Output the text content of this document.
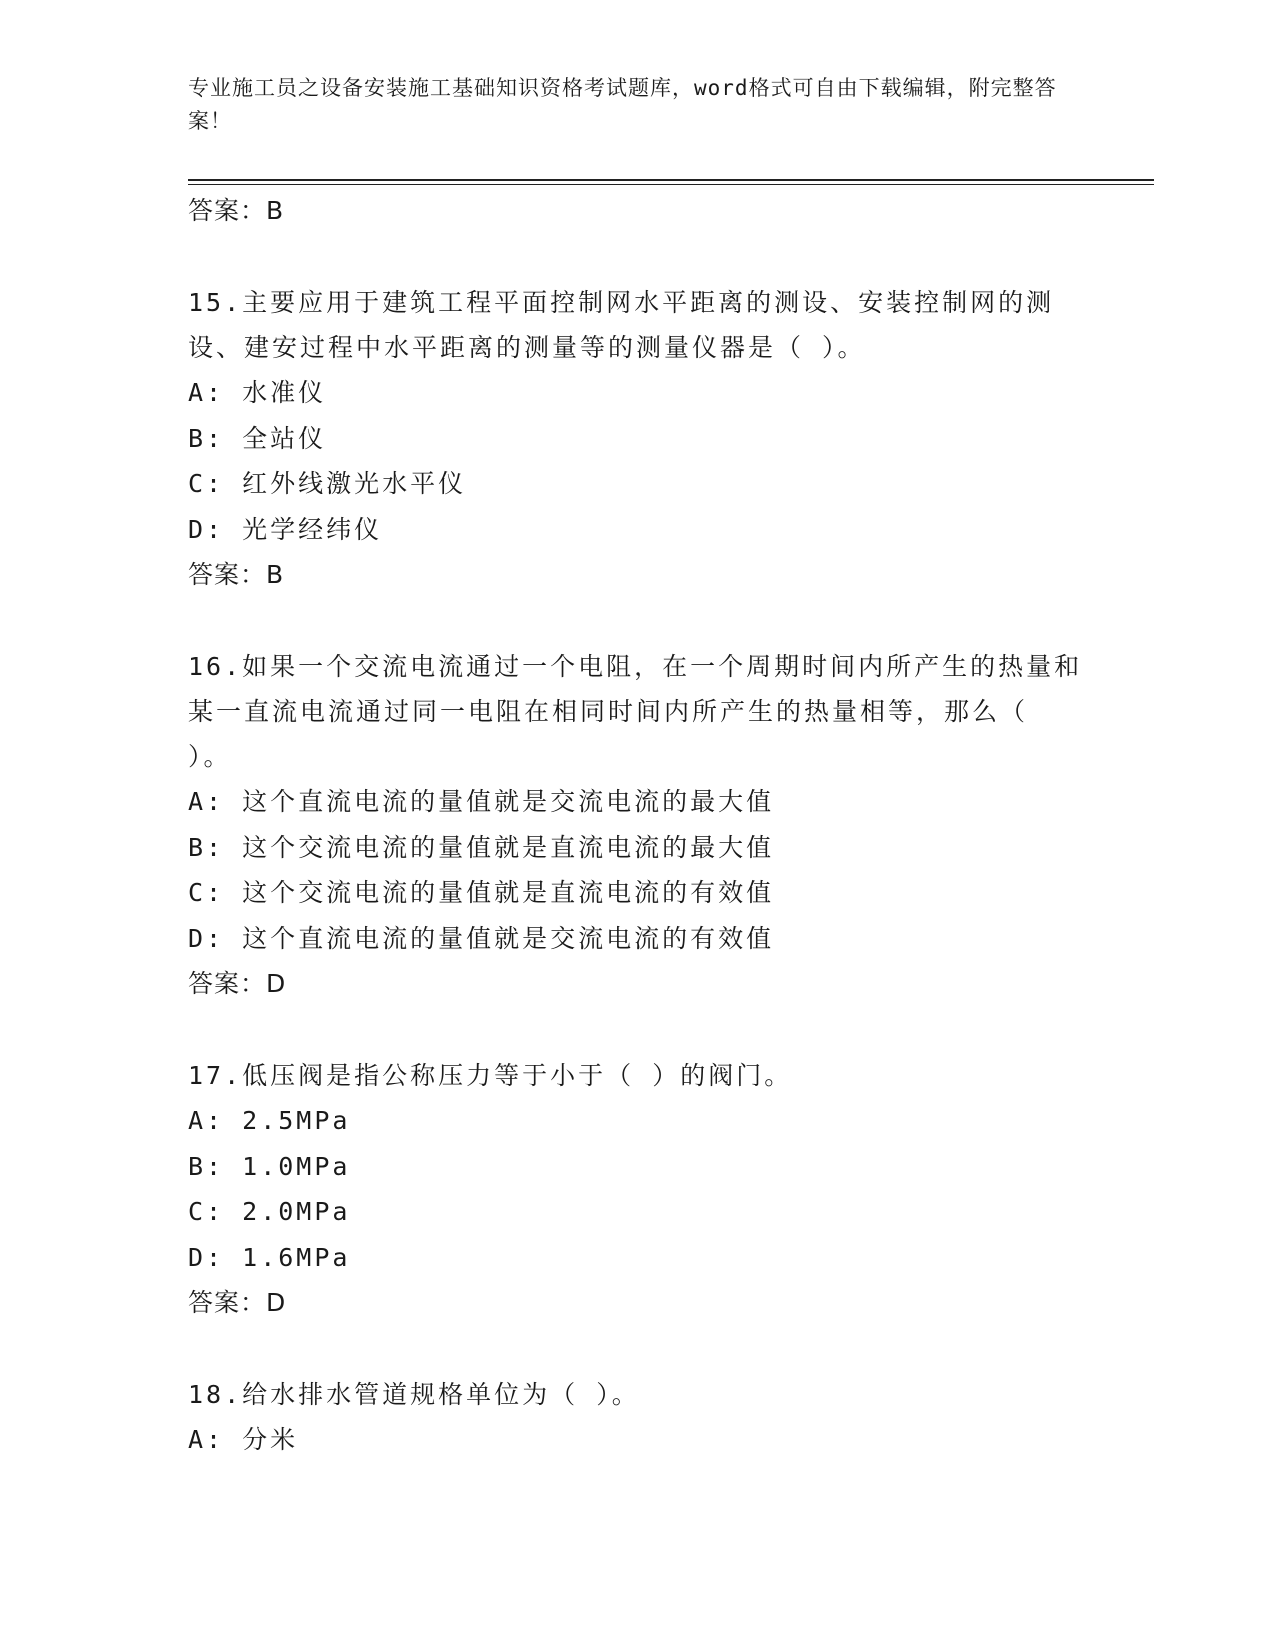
专业施工员之设备安装施工基础知识资格考试题库，word格式可自由下载编辑，附完整答案！
答案：B
15.主要应用于建筑工程平面控制网水平距离的测设、安装控制网的测设、建安过程中水平距离的测量等的测量仪器是（ ）。
A: 水准仪
B: 全站仪
C: 红外线激光水平仪
D: 光学经纬仪
答案：B
16.如果一个交流电流通过一个电阻，在一个周期时间内所产生的热量和某一直流电流通过同一电阻在相同时间内所产生的热量相等，那么（ ）。
A: 这个直流电流的量值就是交流电流的最大值
B: 这个交流电流的量值就是直流电流的最大值
C: 这个交流电流的量值就是直流电流的有效值
D: 这个直流电流的量值就是交流电流的有效值
答案：D
17.低压阀是指公称压力等于小于（ ）的阀门。
A: 2.5MPa
B: 1.0MPa
C: 2.0MPa
D: 1.6MPa
答案：D
18.给水排水管道规格单位为（ ）。
A: 分米
